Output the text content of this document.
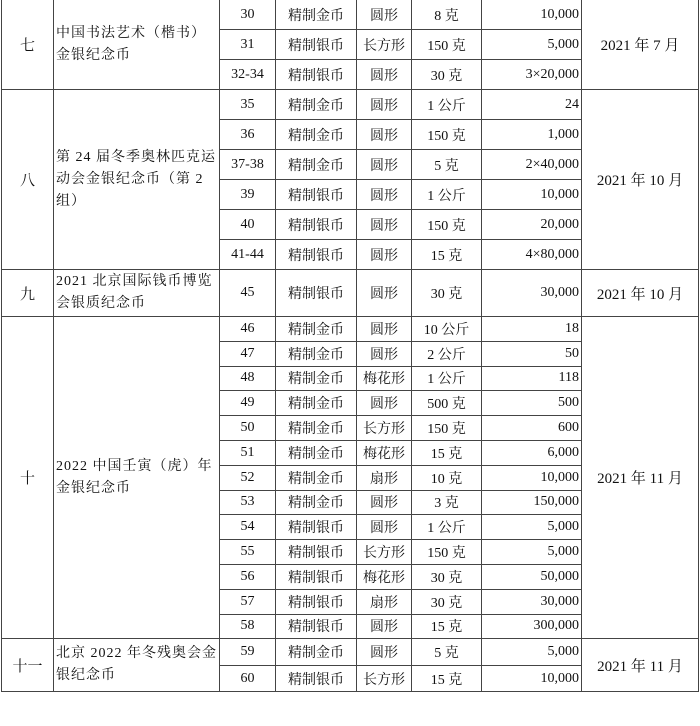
七	中国书法艺术（楷书）金银纪念币	30	精制金币	圆形	8 克	10,000	2021 年 7 月
		31	精制银币	长方形	150 克	5,000	
		32-34	精制银币	圆形	30 克	3×20,000	
八	第 24 届冬季奥林匹克运动会金银纪念币（第 2 组）	35	精制金币	圆形	1 公斤	24	2021 年 10 月
		36	精制金币	圆形	150 克	1,000	
		37-38	精制金币	圆形	5 克	2×40,000	
		39	精制银币	圆形	1 公斤	10,000	
		40	精制银币	圆形	150 克	20,000	
		41-44	精制银币	圆形	15 克	4×80,000	
九	2021 北京国际钱币博览会银质纪念币	45	精制银币	圆形	30 克	30,000	2021 年 10 月
十	2022 中国壬寅（虎）年金银纪念币	46	精制金币	圆形	10 公斤	18	2021 年 11 月
		47	精制金币	圆形	2 公斤	50	
		48	精制金币	梅花形	1 公斤	118	
		49	精制金币	圆形	500 克	500	
		50	精制金币	长方形	150 克	600	
		51	精制金币	梅花形	15 克	6,000	
		52	精制金币	扇形	10 克	10,000	
		53	精制金币	圆形	3 克	150,000	
		54	精制银币	圆形	1 公斤	5,000	
		55	精制银币	长方形	150 克	5,000	
		56	精制银币	梅花形	30 克	50,000	
		57	精制银币	扇形	30 克	30,000	
		58	精制银币	圆形	15 克	300,000	
十一	北京 2022 年冬残奥会金银纪念币	59	精制金币	圆形	5 克	5,000	2021 年 11 月
		60	精制银币	长方形	15 克	10,000	
